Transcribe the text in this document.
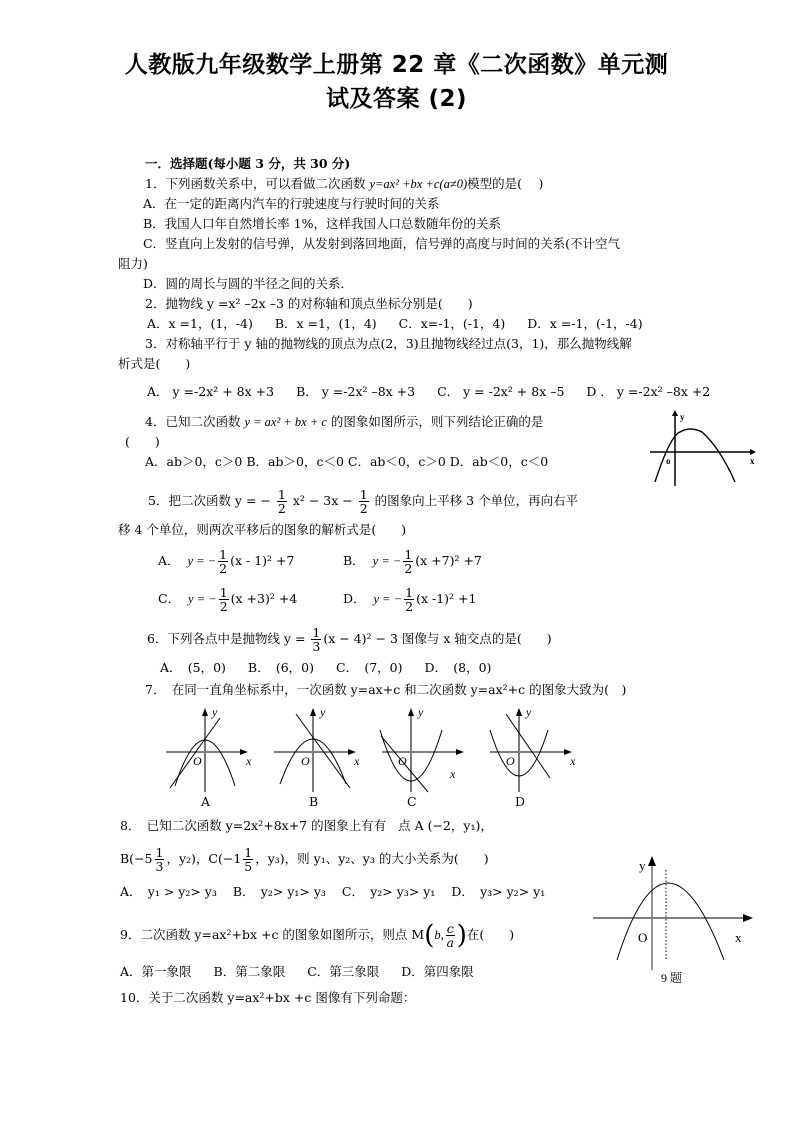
人教版九年级数学上册第 22 章《二次函数》单元测
试及答案 (2)
一．选择题(每小题 3 分，共 30 分)
1．下列函数关系中，可以看做二次函数 y=ax² +bx +c(a≠0)模型的是(　 )
A．在一定的距离内汽车的行驶速度与行驶时间的关系
B．我国人口年自然增长率 1%，这样我国人口总数随年份的关系
C．竖直向上发射的信号弹，从发射到落回地面，信号弹的高度与时间的关系(不计空气
阻力)
D．圆的周长与圆的半径之间的关系．
2．抛物线 y =x² –2x –3 的对称轴和顶点坐标分别是(　　)
A．x =1，(1，-4) B．x =1，(1，4) C．x=-1，(-1，4) D．x =-1，(-1，-4)
3．对称轴平行于 y 轴的抛物线的顶点为点(2，3)且抛物线经过点(3，1)，那么抛物线解
析式是(　　)
A． y =-2x² + 8x +3 B． y =-2x² –8x +3 C． y = -2x² + 8x –5 D ． y =-2x² –8x +2
4．已知二次函数 y = ax² + bx + c 的图象如图所示，则下列结论正确的是
(　　)
A．ab＞0，c＞0 B．ab＞0，c＜0 C．ab＜0，c＞0 D．ab＜0，c＜0
y
x
o
5．把二次函数 y = − $\frac{1}{2} x^2 - 3x - \frac{1}{2}$ 的图象向上平移 3 个单位，再向右平
移 4 个单位，则两次平移后的图象的解析式是(　　)
A． y = − $\frac{1}{2} (x - 1)^2 +7$	B． y = − $\frac{1}{2} (x +7)^2 +7$
C． y = − $\frac{1}{2} (x +3)^2 +4$	D． y = − $\frac{1}{2} (x$ -1)² +1
6．下列各点中是抛物线 $y = \frac{1}{3} (x - 4)^2 - 3$ 图像与 x 轴交点的是(　　)
A．　(5，0) B．　(6，0) C．　(7，0) D．　(8，0)
7．　在同一直角坐标系中，一次函数 y=ax+c 和二次函数 y=ax²+c 的图象大致为(　)
y
x
O
y
x
O
y
x
O
y
x
O
A	B	C	D
8．　已知二次函数 y=2x²+8x+7 的图象上有有 点 A (−2，y₁)，
$B(-5 \frac{1}{3}$ ，y₂)，$C(-1 \frac{1}{5}$ ，y₃)，则 y₁、y₂、y₃ 的大小关系为(　　)
A．　y₁ > y₂> y₃ B．　y₂> y₁> y₃ C．　y₂> y₃> y₁ D．　y₃> y₂> y₁
9．二次函数 y=ax²+bx +c 的图象如图所示，则点 M(b, $\frac{c}{a}$ )在(　　)
A．第一象限 B．第二象限 C．第三象限 D．第四象限
y
x
O
9 题
10．关于二次函数 y=ax²+bx +c 图像有下列命题：
